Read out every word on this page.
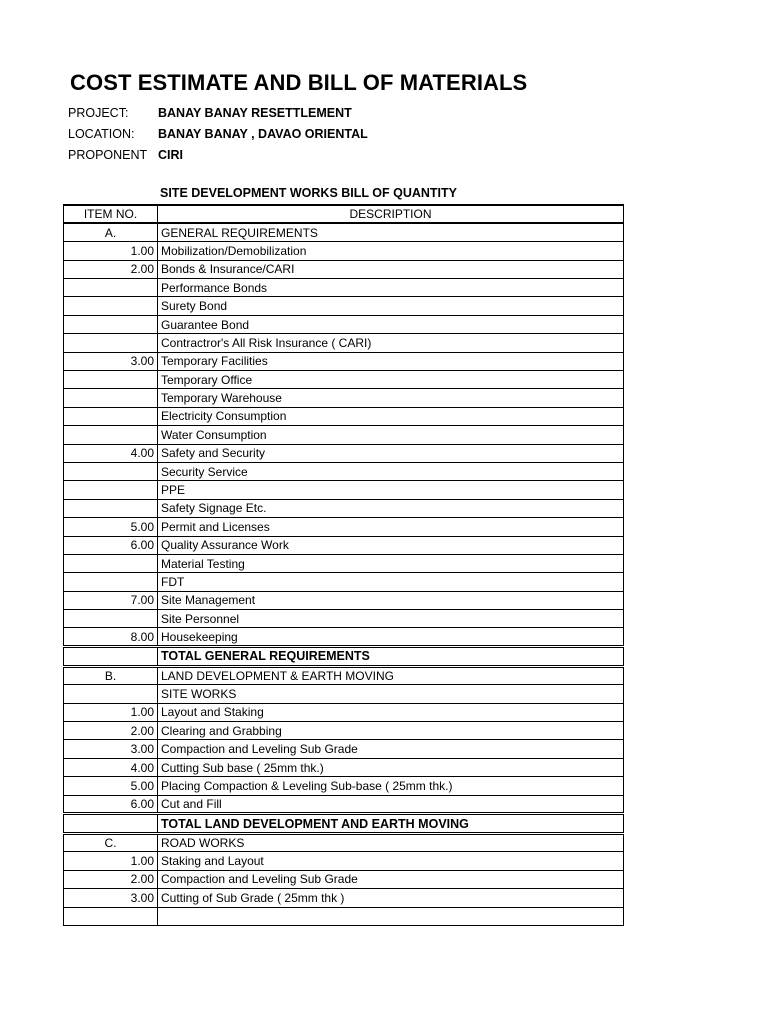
COST ESTIMATE AND BILL OF MATERIALS
PROJECT: BANAY BANAY RESETTLEMENT
LOCATION: BANAY BANAY , DAVAO ORIENTAL
PROPONENT CIRI
SITE DEVELOPMENT WORKS BILL OF QUANTITY
ITEM NO.	DESCRIPTION
A.	GENERAL REQUIREMENTS
1.00	Mobilization/Demobilization
2.00	Bonds & Insurance/CARI
	Performance Bonds
	Surety Bond
	Guarantee Bond
	Contractror's All Risk Insurance ( CARI)
3.00	Temporary Facilities
	Temporary Office
	Temporary Warehouse
	Electricity Consumption
	Water Consumption
4.00	Safety and Security
	Security Service
	PPE
	Safety Signage Etc.
5.00	Permit and Licenses
6.00	Quality Assurance Work
	Material Testing
	FDT
7.00	Site Management
	Site Personnel
8.00	Housekeeping
	TOTAL GENERAL REQUIREMENTS
B.	LAND DEVELOPMENT & EARTH MOVING
	SITE WORKS
1.00	Layout and Staking
2.00	Clearing and Grabbing
3.00	Compaction and Leveling Sub Grade
4.00	Cutting Sub base ( 25mm thk.)
5.00	Placing Compaction & Leveling Sub-base ( 25mm thk.)
6.00	Cut and Fill
	TOTAL LAND DEVELOPMENT AND EARTH MOVING
C.	ROAD WORKS
1.00	Staking and Layout
2.00	Compaction and Leveling Sub Grade
3.00	Cutting of Sub Grade ( 25mm thk )
